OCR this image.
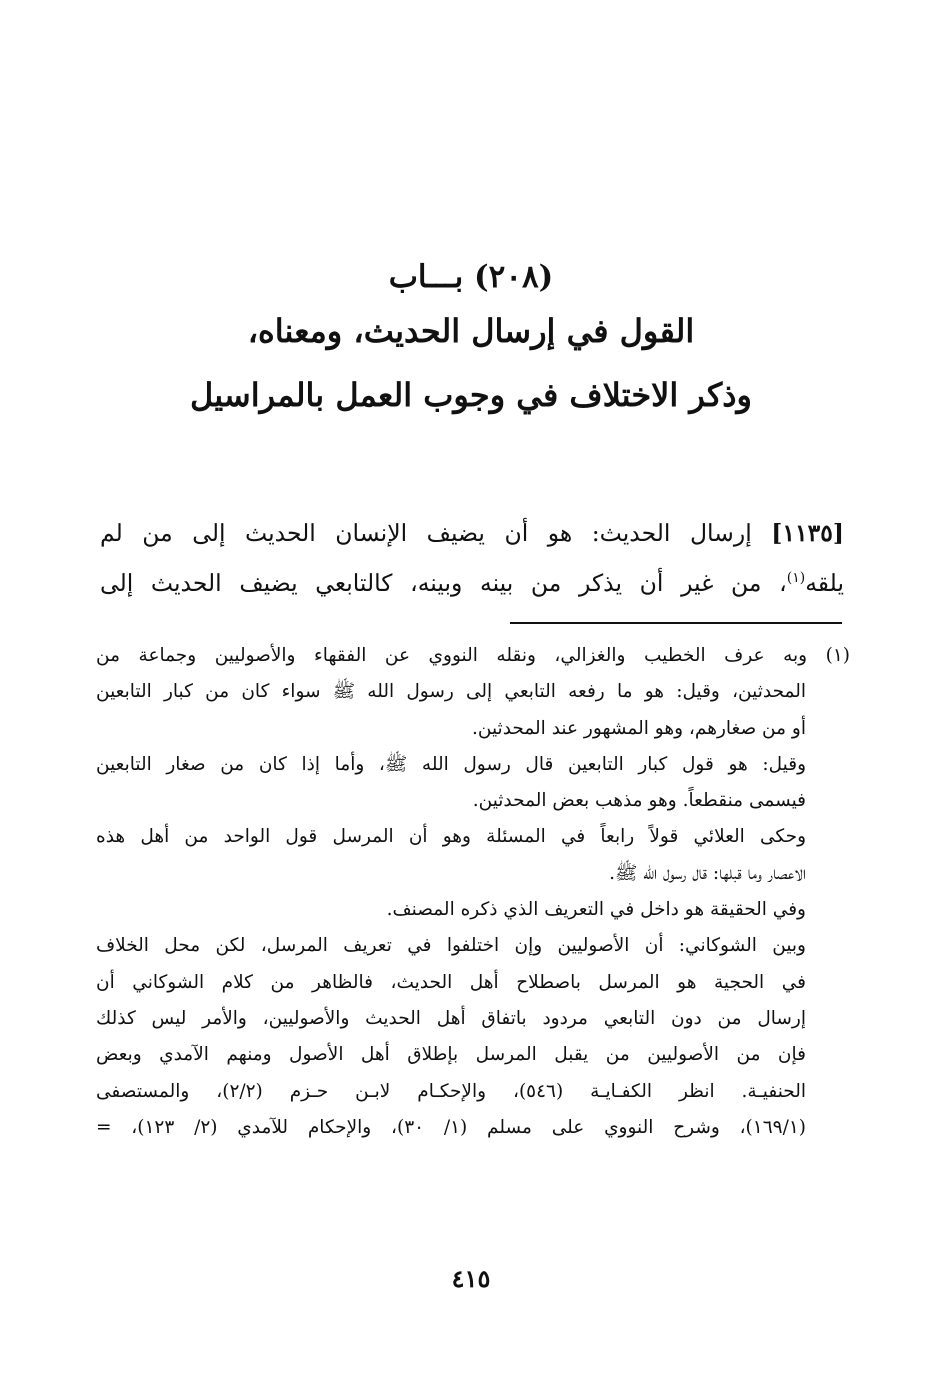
(٢٠٨) بـــاب

القول في إرسال الحديث، ومعناه،

وذكر الاختلاف في وجوب العمل بالمراسيل

[١١٣٥] إرسال الحديث: هو أن يضيف الإنسان الحديث إلى من لم

يلقه$^{(١)}$، من غير أن يذكر من بينه وبينه، كالتابعي يضيف الحديث إلى

(١) وبه عرف الخطيب والغزالي، ونقله النووي عن الفقهاء والأصوليين وجماعة من
المحدثين، وقيل: هو ما رفعه التابعي إلى رسول الله ﷺ سواء كان من كبار التابعين
أو من صغارهم، وهو المشهور عند المحدثين.
وقيل: هو قول كبار التابعين قال رسول الله ﷺ، وأما إذا كان من صغار التابعين
فيسمى منقطعاً. وهو مذهب بعض المحدثين.
وحكى العلائي قولاً رابعاً في المسئلة وهو أن المرسل قول الواحد من أهل هذه
الاعصار وما قبلها: قال رسول الله ﷺ.
وفي الحقيقة هو داخل في التعريف الذي ذكره المصنف.
وبين الشوكاني: أن الأصوليين وإن اختلفوا في تعريف المرسل، لكن محل الخلاف
في الحجية هو المرسل باصطلاح أهل الحديث، فالظاهر من كلام الشوكاني أن
إرسال من دون التابعي مردود باتفاق أهل الحديث والأصوليين، والأمر ليس كذلك
فإن من الأصوليين من يقبل المرسل بإطلاق أهل الأصول ومنهم الآمدي وبعض
الحنفيـة. انظر الكفـايـة (٥٤٦)، والإحكـام لابـن حـزم (٢/٢)، والمستصفى
(١٦٩/١)، وشرح النووي على مسلم (١/ ٣٠)، والإحكام للآمدي (٢/ ١٢٣)، =
٤١٥
